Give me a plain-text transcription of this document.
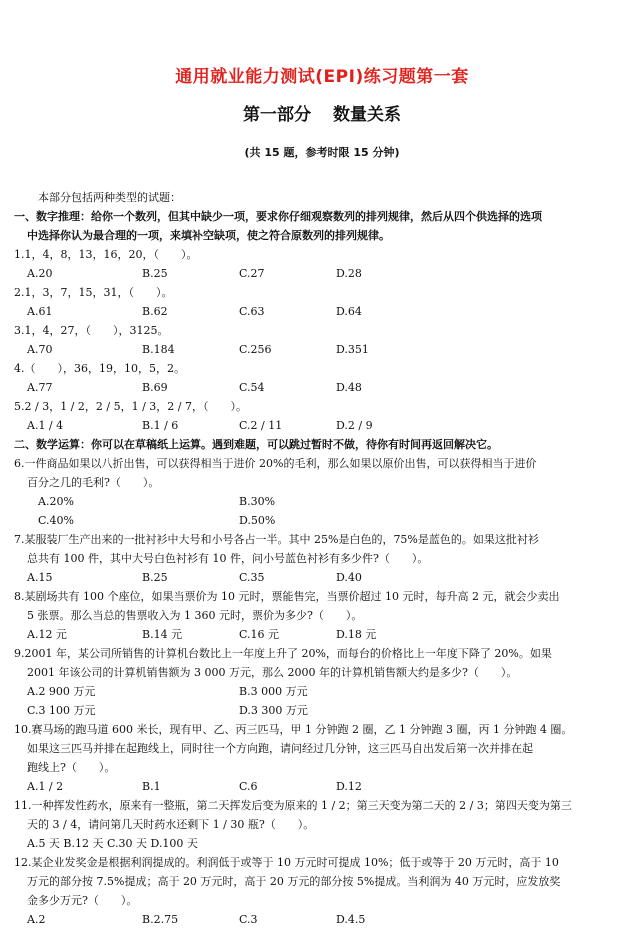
通用就业能力测试(EPI)练习题第一套
第一部分 数量关系
(共 15 题，参考时限 15 分钟)
本部分包括两种类型的试题：
一、数字推理：给你一个数列，但其中缺少一项，要求你仔细观察数列的排列规律，然后从四个供选择的选项
中选择你认为最合理的一项，来填补空缺项，使之符合原数列的排列规律。
1.1，4，8，13，16，20，（　　）。
A.20	B.25	C.27	D.28
2.1，3，7，15，31，（　　）。
A.61	B.62	C.63	D.64
3.1，4，27，（　　），3125。
A.70	B.184	C.256	D.351
4.（　　），36，19，10，5，2。
A.77	B.69	C.54	D.48
5.2 / 3，1 / 2，2 / 5，1 / 3，2 / 7，（　　）。
A.1 / 4	B.1 / 6	C.2 / 11	D.2 / 9
二、数学运算：你可以在草稿纸上运算。遇到难题，可以跳过暂时不做，待你有时间再返回解决它。
6.一件商品如果以八折出售，可以获得相当于进价 20%的毛利，那么如果以原价出售，可以获得相当于进价
百分之几的毛利?（　　）。
A.20%	B.30%
C.40%	D.50%
7.某服装厂生产出来的一批衬衫中大号和小号各占一半。其中 25%是白色的，75%是蓝色的。如果这批衬衫
总共有 100 件，其中大号白色衬衫有 10 件，问小号蓝色衬衫有多少件?（　　）。
A.15	B.25	C.35	D.40
8.某剧场共有 100 个座位，如果当票价为 10 元时，票能售完，当票价超过 10 元时，每升高 2 元，就会少卖出
5 张票。那么当总的售票收入为 1 360 元时，票价为多少?（　　）。
A.12 元	B.14 元	C.16 元	D.18 元
9.2001 年，某公司所销售的计算机台数比上一年度上升了 20%，而每台的价格比上一年度下降了 20%。如果
2001 年该公司的计算机销售额为 3 000 万元，那么 2000 年的计算机销售额大约是多少?（　　）。
A.2 900 万元	B.3 000 万元
C.3 100 万元	D.3 300 万元
10.赛马场的跑马道 600 米长，现有甲、乙、丙三匹马，甲 1 分钟跑 2 圈，乙 1 分钟跑 3 圈，丙 1 分钟跑 4 圈。
如果这三匹马并排在起跑线上，同时往一个方向跑，请问经过几分钟，这三匹马自出发后第一次并排在起
跑线上?（　　）。
A.1 / 2	B.1	C.6	D.12
11.一种挥发性药水，原来有一整瓶，第二天挥发后变为原来的 1 / 2；第三天变为第二天的 2 / 3；第四天变为第三
天的 3 / 4，请问第几天时药水还剩下 1 / 30 瓶?（　　）。
A.5 天 B.12 天 C.30 天 D.100 天
12.某企业发奖金是根据利润提成的。利润低于或等于 10 万元时可提成 10%；低于或等于 20 万元时，高于 10
万元的部分按 7.5%提成；高于 20 万元时，高于 20 万元的部分按 5%提成。当利润为 40 万元时，应发放奖
金多少万元?（　　）。
A.2	B.2.75	C.3	D.4.5
